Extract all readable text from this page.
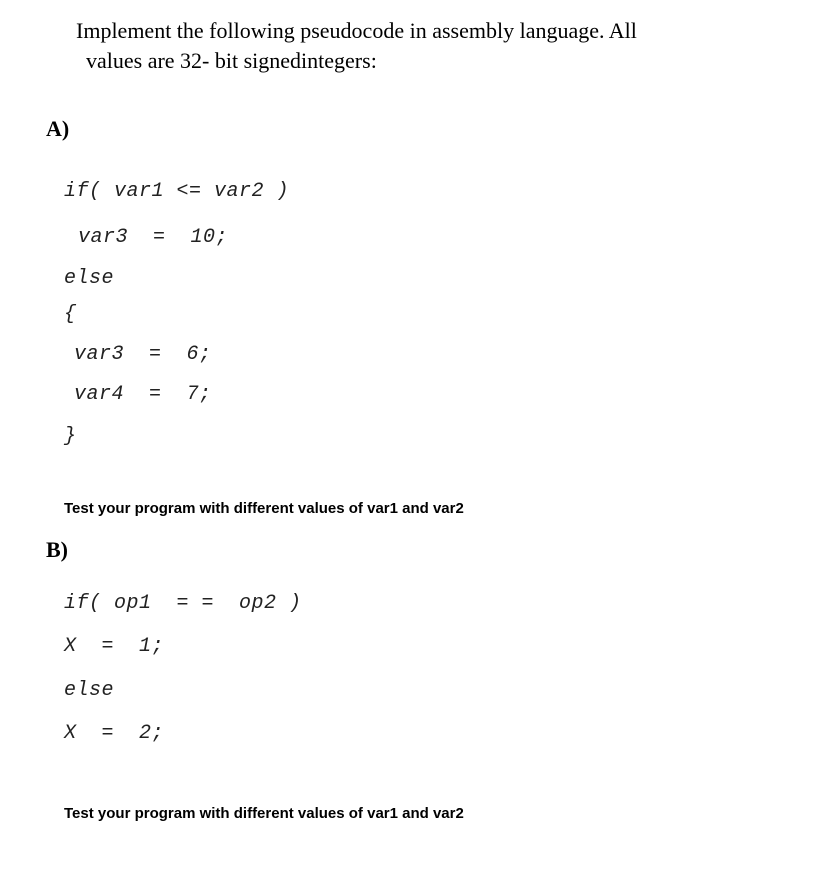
Implement the following pseudocode in assembly language. All
values are 32- bit signedintegers:
A)
if( var1 <= var2 )
var3  =  10;
else
{
var3  =  6;
var4  =  7;
}
Test your program with different values of var1 and var2
B)
if( op1  = =  op2 )
X  =  1;
else
X  =  2;
Test your program with different values of var1 and var2
